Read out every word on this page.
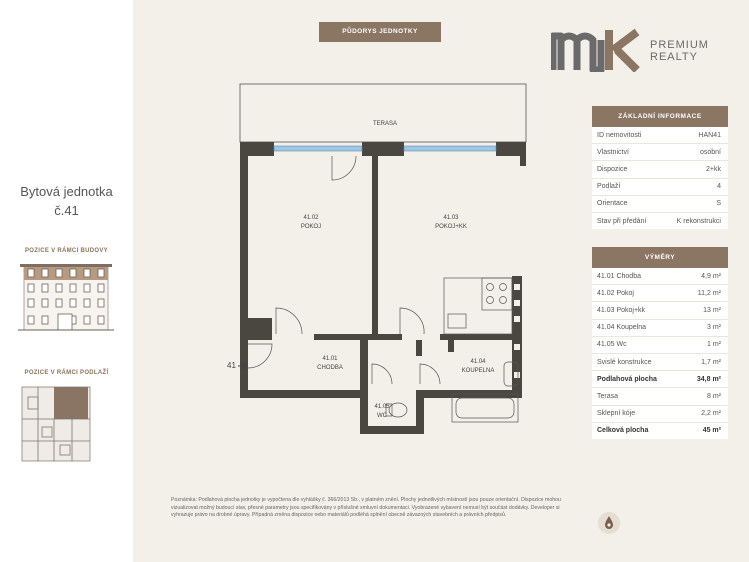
Bytová jednotka
č.41
POZICE V RÁMCI BUDOVY
POZICE V RÁMCI PODLAŽÍ
PŮDORYS JEDNOTKY
PREMIUM
REALTY
TERASA
41.02
POKOJ
41.03
POKOJ+KK
41.01
CHODBA
41.04
KOUPELNA
41.05
WC
41
ZÁKLADNÍ INFORMACE
ID nemovitosti	HAN41
Vlastnictví	osobní
Dispozice	2+kk
Podlaží	4
Orientace	S
Stav při předání	K rekonstrukci
VÝMĚRY
41.01 Chodba	4,9 m²
41.02 Pokoj	11,2 m²
41.03 Pokoj+kk	13 m²
41.04 Koupelna	3 m²
41.05 Wc	1 m²
Svislé konstrukce	1,7 m²
Podlahová plocha	34,8 m²
Terasa	8 m²
Sklepní kóje	2,2 m²
Celková plocha	45 m²
Poznámka: Podlahová plocha jednotky je vypočtena dle vyhlášky č. 366/2013 Sb., v platném znění. Plochy jednotlivých místností jsou pouze orientační. Dispozice mohou vizualizovat možný budoucí stav, přesné parametry jsou specifikovány v příslušné smluvní dokumentaci. Vyobrazené vybavení nemusí být součást dodávky. Developer si vyhrazuje právo na drobné úpravy. Případná změna dispozice nebo materiálů podléhá splnění obecně závazných stavebních a právních předpisů.
